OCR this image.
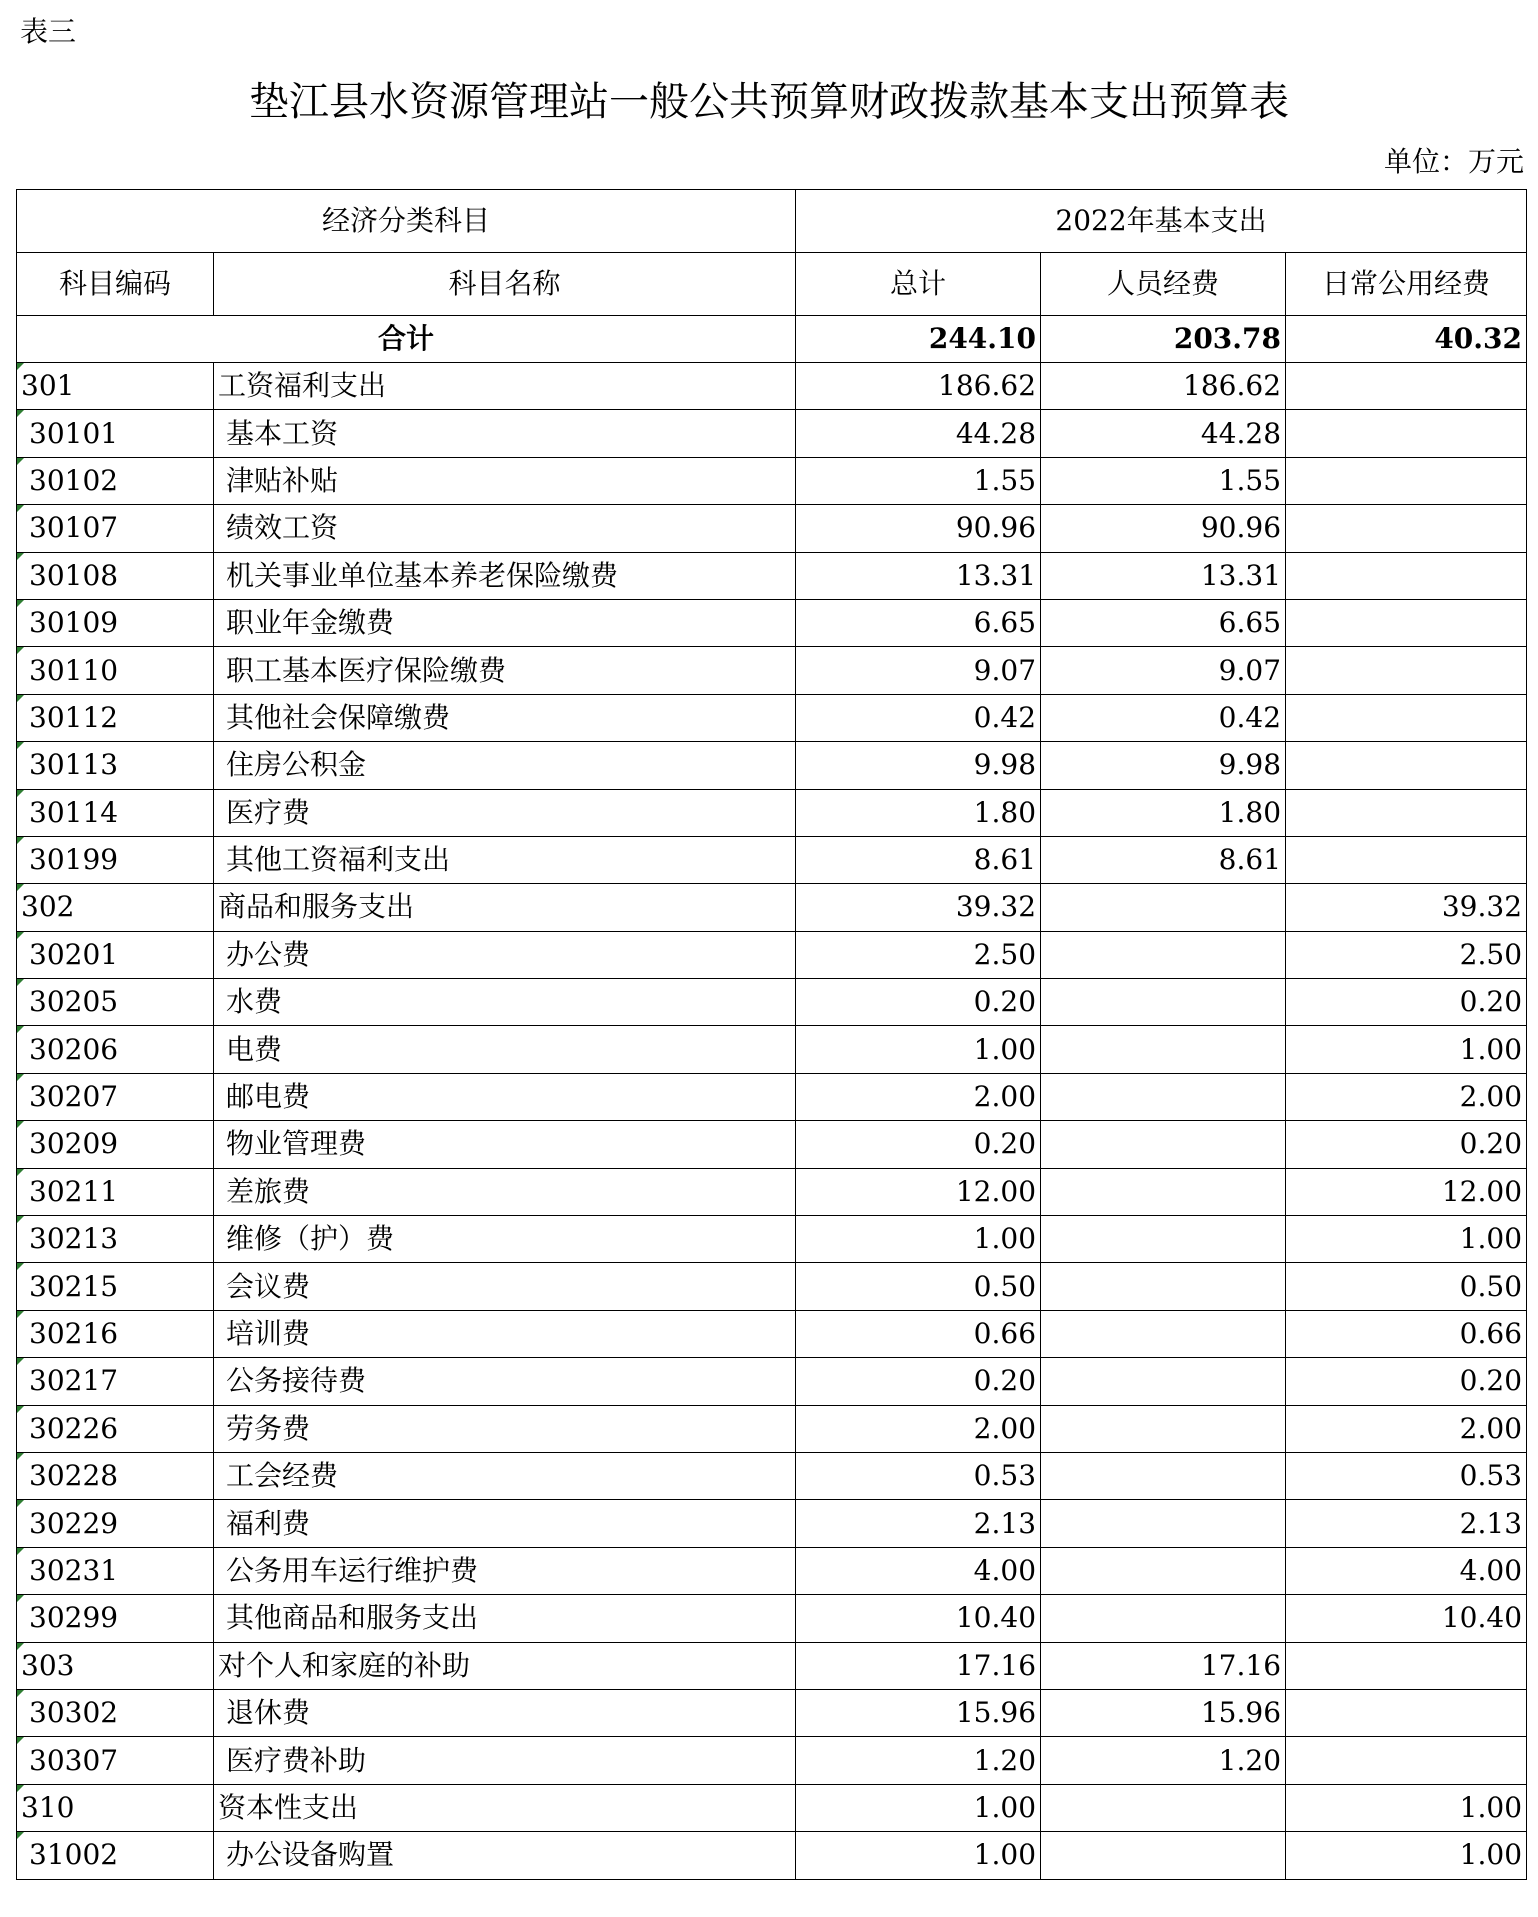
表三
垫江县水资源管理站一般公共预算财政拨款基本支出预算表
单位：万元
经济分类科目		2022年基本支出		
科目编码	科目名称	总计	人员经费	日常公用经费
合计		244.10	203.78	40.32
301	工资福利支出	186.62	186.62	
30101	基本工资	44.28	44.28	
30102	津贴补贴	1.55	1.55	
30107	绩效工资	90.96	90.96	
30108	机关事业单位基本养老保险缴费	13.31	13.31	
30109	职业年金缴费	6.65	6.65	
30110	职工基本医疗保险缴费	9.07	9.07	
30112	其他社会保障缴费	0.42	0.42	
30113	住房公积金	9.98	9.98	
30114	医疗费	1.80	1.80	
30199	其他工资福利支出	8.61	8.61	
302	商品和服务支出	39.32		39.32
30201	办公费	2.50		2.50
30205	水费	0.20		0.20
30206	电费	1.00		1.00
30207	邮电费	2.00		2.00
30209	物业管理费	0.20		0.20
30211	差旅费	12.00		12.00
30213	维修（护）费	1.00		1.00
30215	会议费	0.50		0.50
30216	培训费	0.66		0.66
30217	公务接待费	0.20		0.20
30226	劳务费	2.00		2.00
30228	工会经费	0.53		0.53
30229	福利费	2.13		2.13
30231	公务用车运行维护费	4.00		4.00
30299	其他商品和服务支出	10.40		10.40
303	对个人和家庭的补助	17.16	17.16	
30302	退休费	15.96	15.96	
30307	医疗费补助	1.20	1.20	
310	资本性支出	1.00		1.00
31002	办公设备购置	1.00		1.00
